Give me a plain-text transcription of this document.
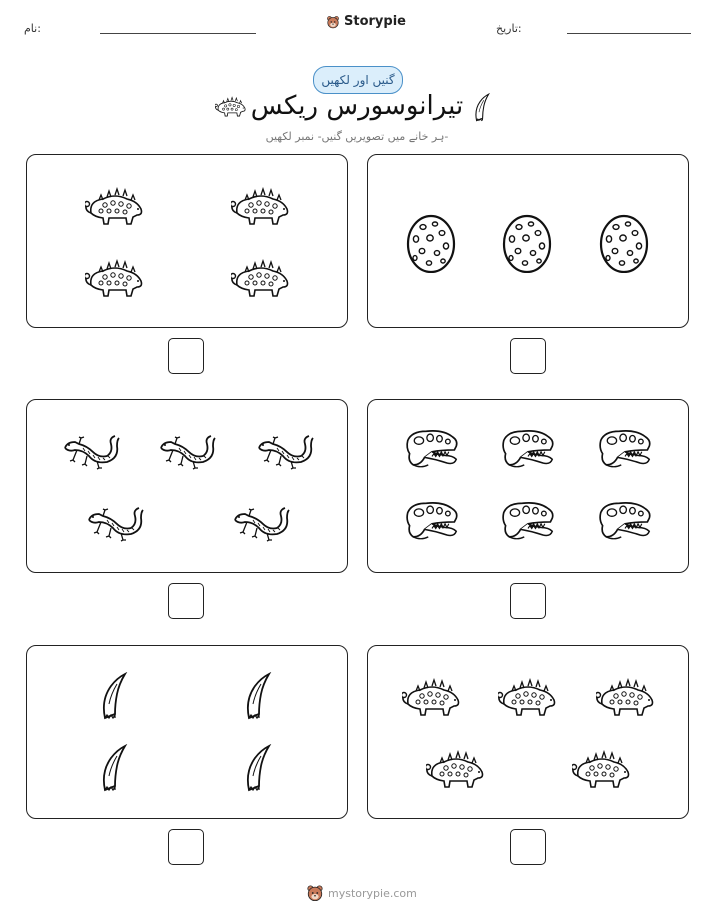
نام:	Storypie	تاریخ:
گنیں اور لکھیں
تیرانوسورس ریکس
ہر خانے میں تصویریں گنیں- نمبر لکھیں-
mystorypie.com
